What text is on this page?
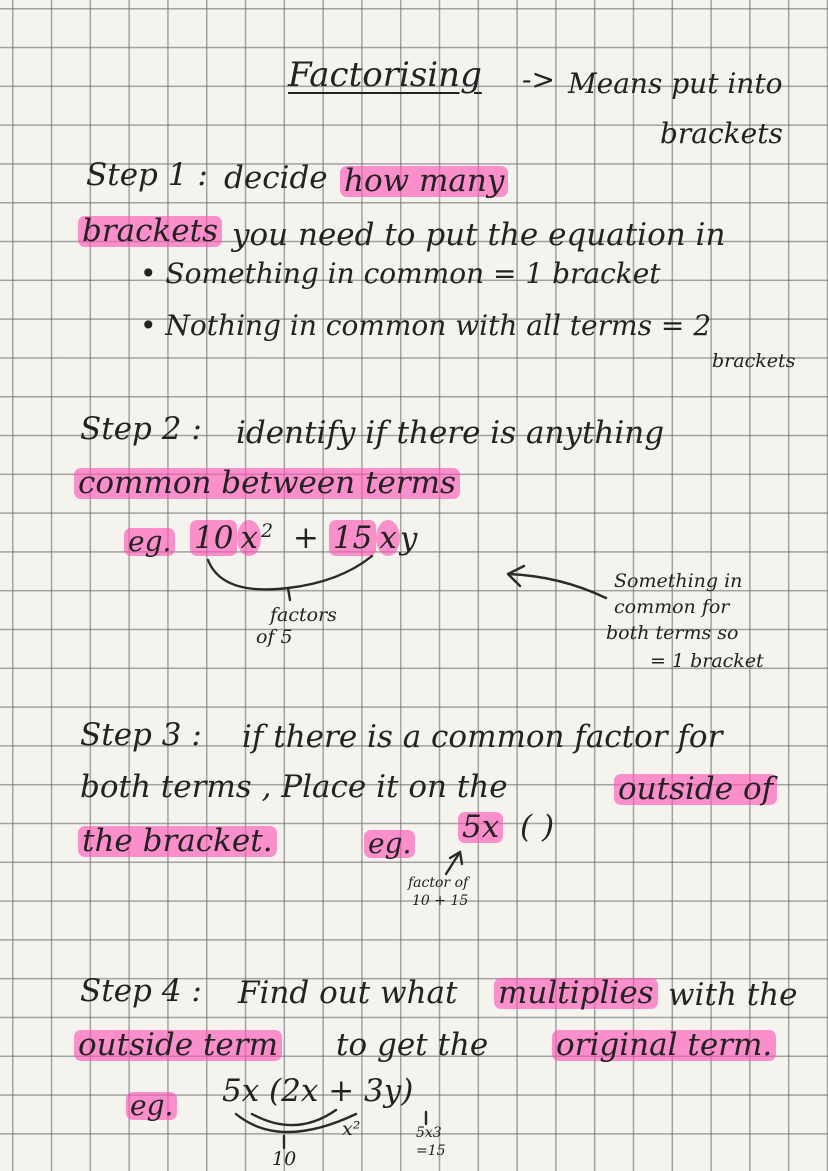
Factorising -> Means put into
brackets
Step 1 : decide how many
brackets you need to put the equation in
• Something in common = 1 bracket
• Nothing in common with all terms = 2
brackets
Step 2 : identify if there is anything
common between terms
eg. 10 x $^2$ + 15 xy
factors
of 5
Something in
common for
both terms so
= 1 bracket
Step 3 : if there is a common factor for
both terms , Place it on the	outside of
the bracket.	eg. 5x ( )
factor of
10 + 15
Step 4 : Find out what multiplies with the
outside term to get the original term.
eg. 5x (2x + 3y)
x²	5x3
=15
10
